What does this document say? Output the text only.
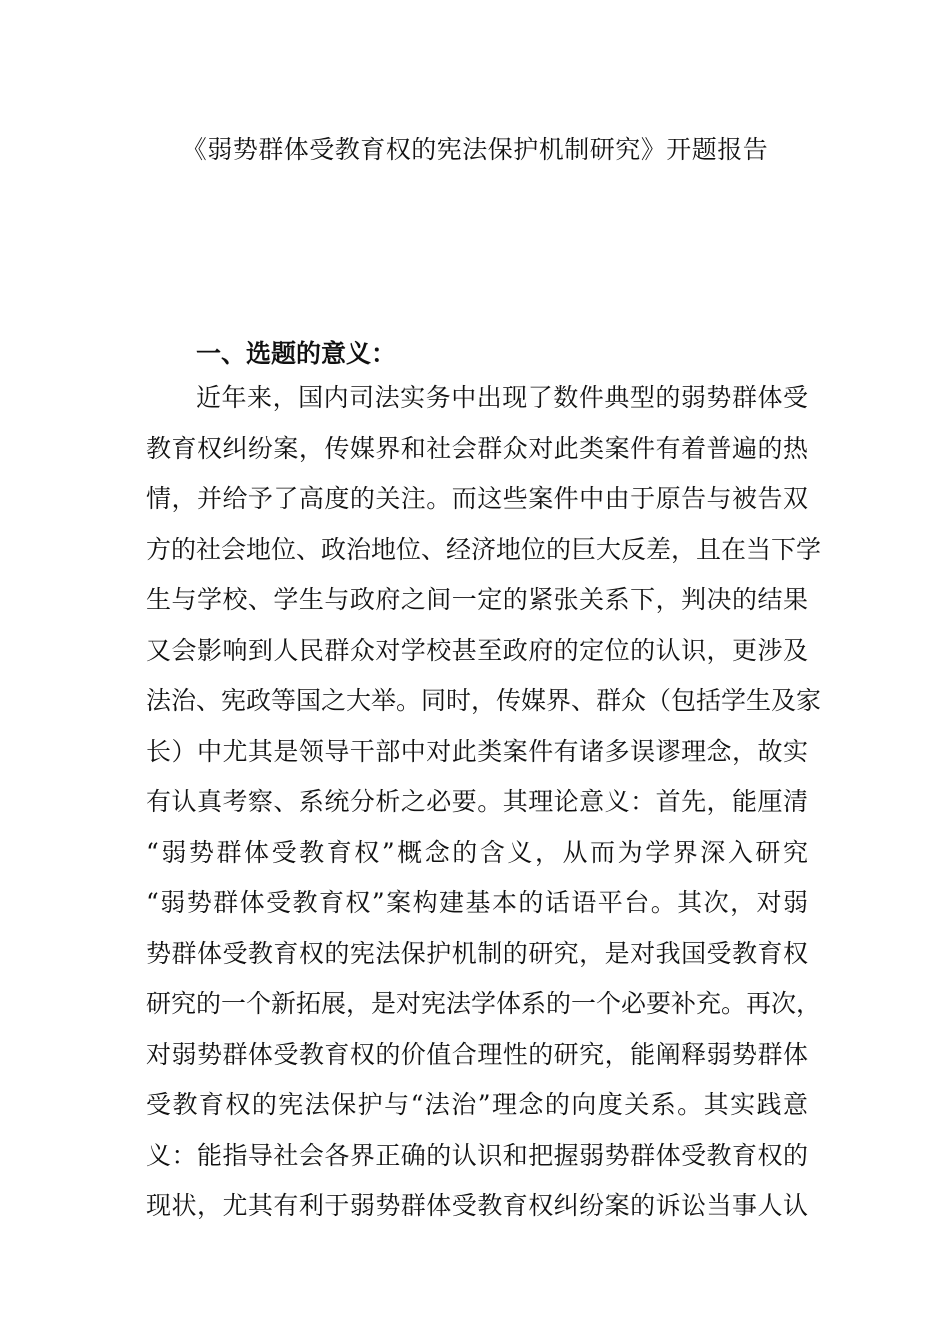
《弱势群体受教育权的宪法保护机制研究》开题报告
一、选题的意义：
近年来，国内司法实务中出现了数件典型的弱势群体受
教育权纠纷案，传媒界和社会群众对此类案件有着普遍的热
情，并给予了高度的关注。而这些案件中由于原告与被告双
方的社会地位、政治地位、经济地位的巨大反差，且在当下学
生与学校、学生与政府之间一定的紧张关系下，判决的结果
又会影响到人民群众对学校甚至政府的定位的认识，更涉及
法治、宪政等国之大举。同时，传媒界、群众（包括学生及家
长）中尤其是领导干部中对此类案件有诸多误谬理念，故实
有认真考察、系统分析之必要。其理论意义：首先，能厘清
“弱势群体受教育权”概念的含义，从而为学界深入研究
“弱势群体受教育权”案构建基本的话语平台。其次，对弱
势群体受教育权的宪法保护机制的研究，是对我国受教育权
研究的一个新拓展，是对宪法学体系的一个必要补充。再次，
对弱势群体受教育权的价值合理性的研究，能阐释弱势群体
受教育权的宪法保护与“法治”理念的向度关系。其实践意
义：能指导社会各界正确的认识和把握弱势群体受教育权的
现状，尤其有利于弱势群体受教育权纠纷案的诉讼当事人认
